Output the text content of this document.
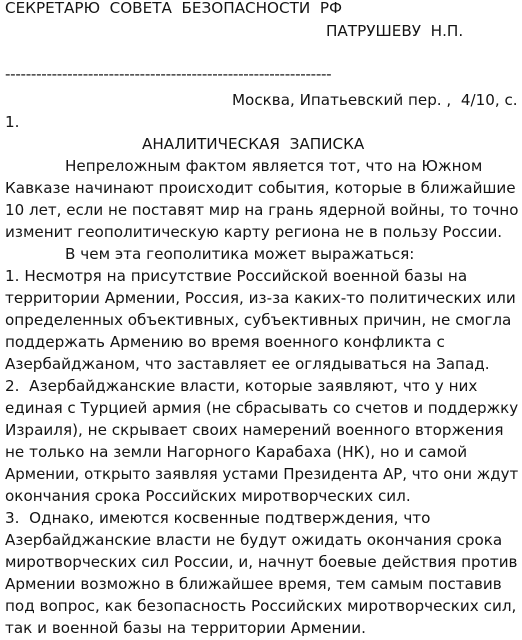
СЕКРЕТАРЮ  СОВЕТА  БЕЗОПАСНОСТИ  РФ
ПАТРУШЕВУ  Н.П.
---------------------------------------------------------------
Москва, Ипатьевский пер. ,  4/10, с.
1.
АНАЛИТИЧЕСКАЯ  ЗАПИСКА
Непреложным фактом является тот, что на Южном
Кавказе начинают происходит события, которые в ближайшие
10 лет, если не поставят мир на грань ядерной войны, то точно
изменит геополитическую карту региона не в пользу России.
В чем эта геополитика может выражаться:
1. Несмотря на присутствие Российской военной базы на
территории Армении, Россия, из-за каких-то политических или
определенных объективных, субъективных причин, не смогла
поддержать Армению во время военного конфликта с
Азербайджаном, что заставляет ее оглядываться на Запад.
2.  Азербайджанские власти, которые заявляют, что у них
единая с Турцией армия (не сбрасывать со счетов и поддержку
Израиля), не скрывает своих намерений военного вторжения
не только на земли Нагорного Карабаха (НК), но и самой
Армении, открыто заявляя устами Президента АР, что они ждут
окончания срока Российских миротворческих сил.
3.  Однако, имеются косвенные подтверждения, что
Азербайджанские власти не будут ожидать окончания срока
миротворческих сил России, и, начнут боевые действия против
Армении возможно в ближайшее время, тем самым поставив
под вопрос, как безопасность Российских миротворческих сил,
так и военной базы на территории Армении.
